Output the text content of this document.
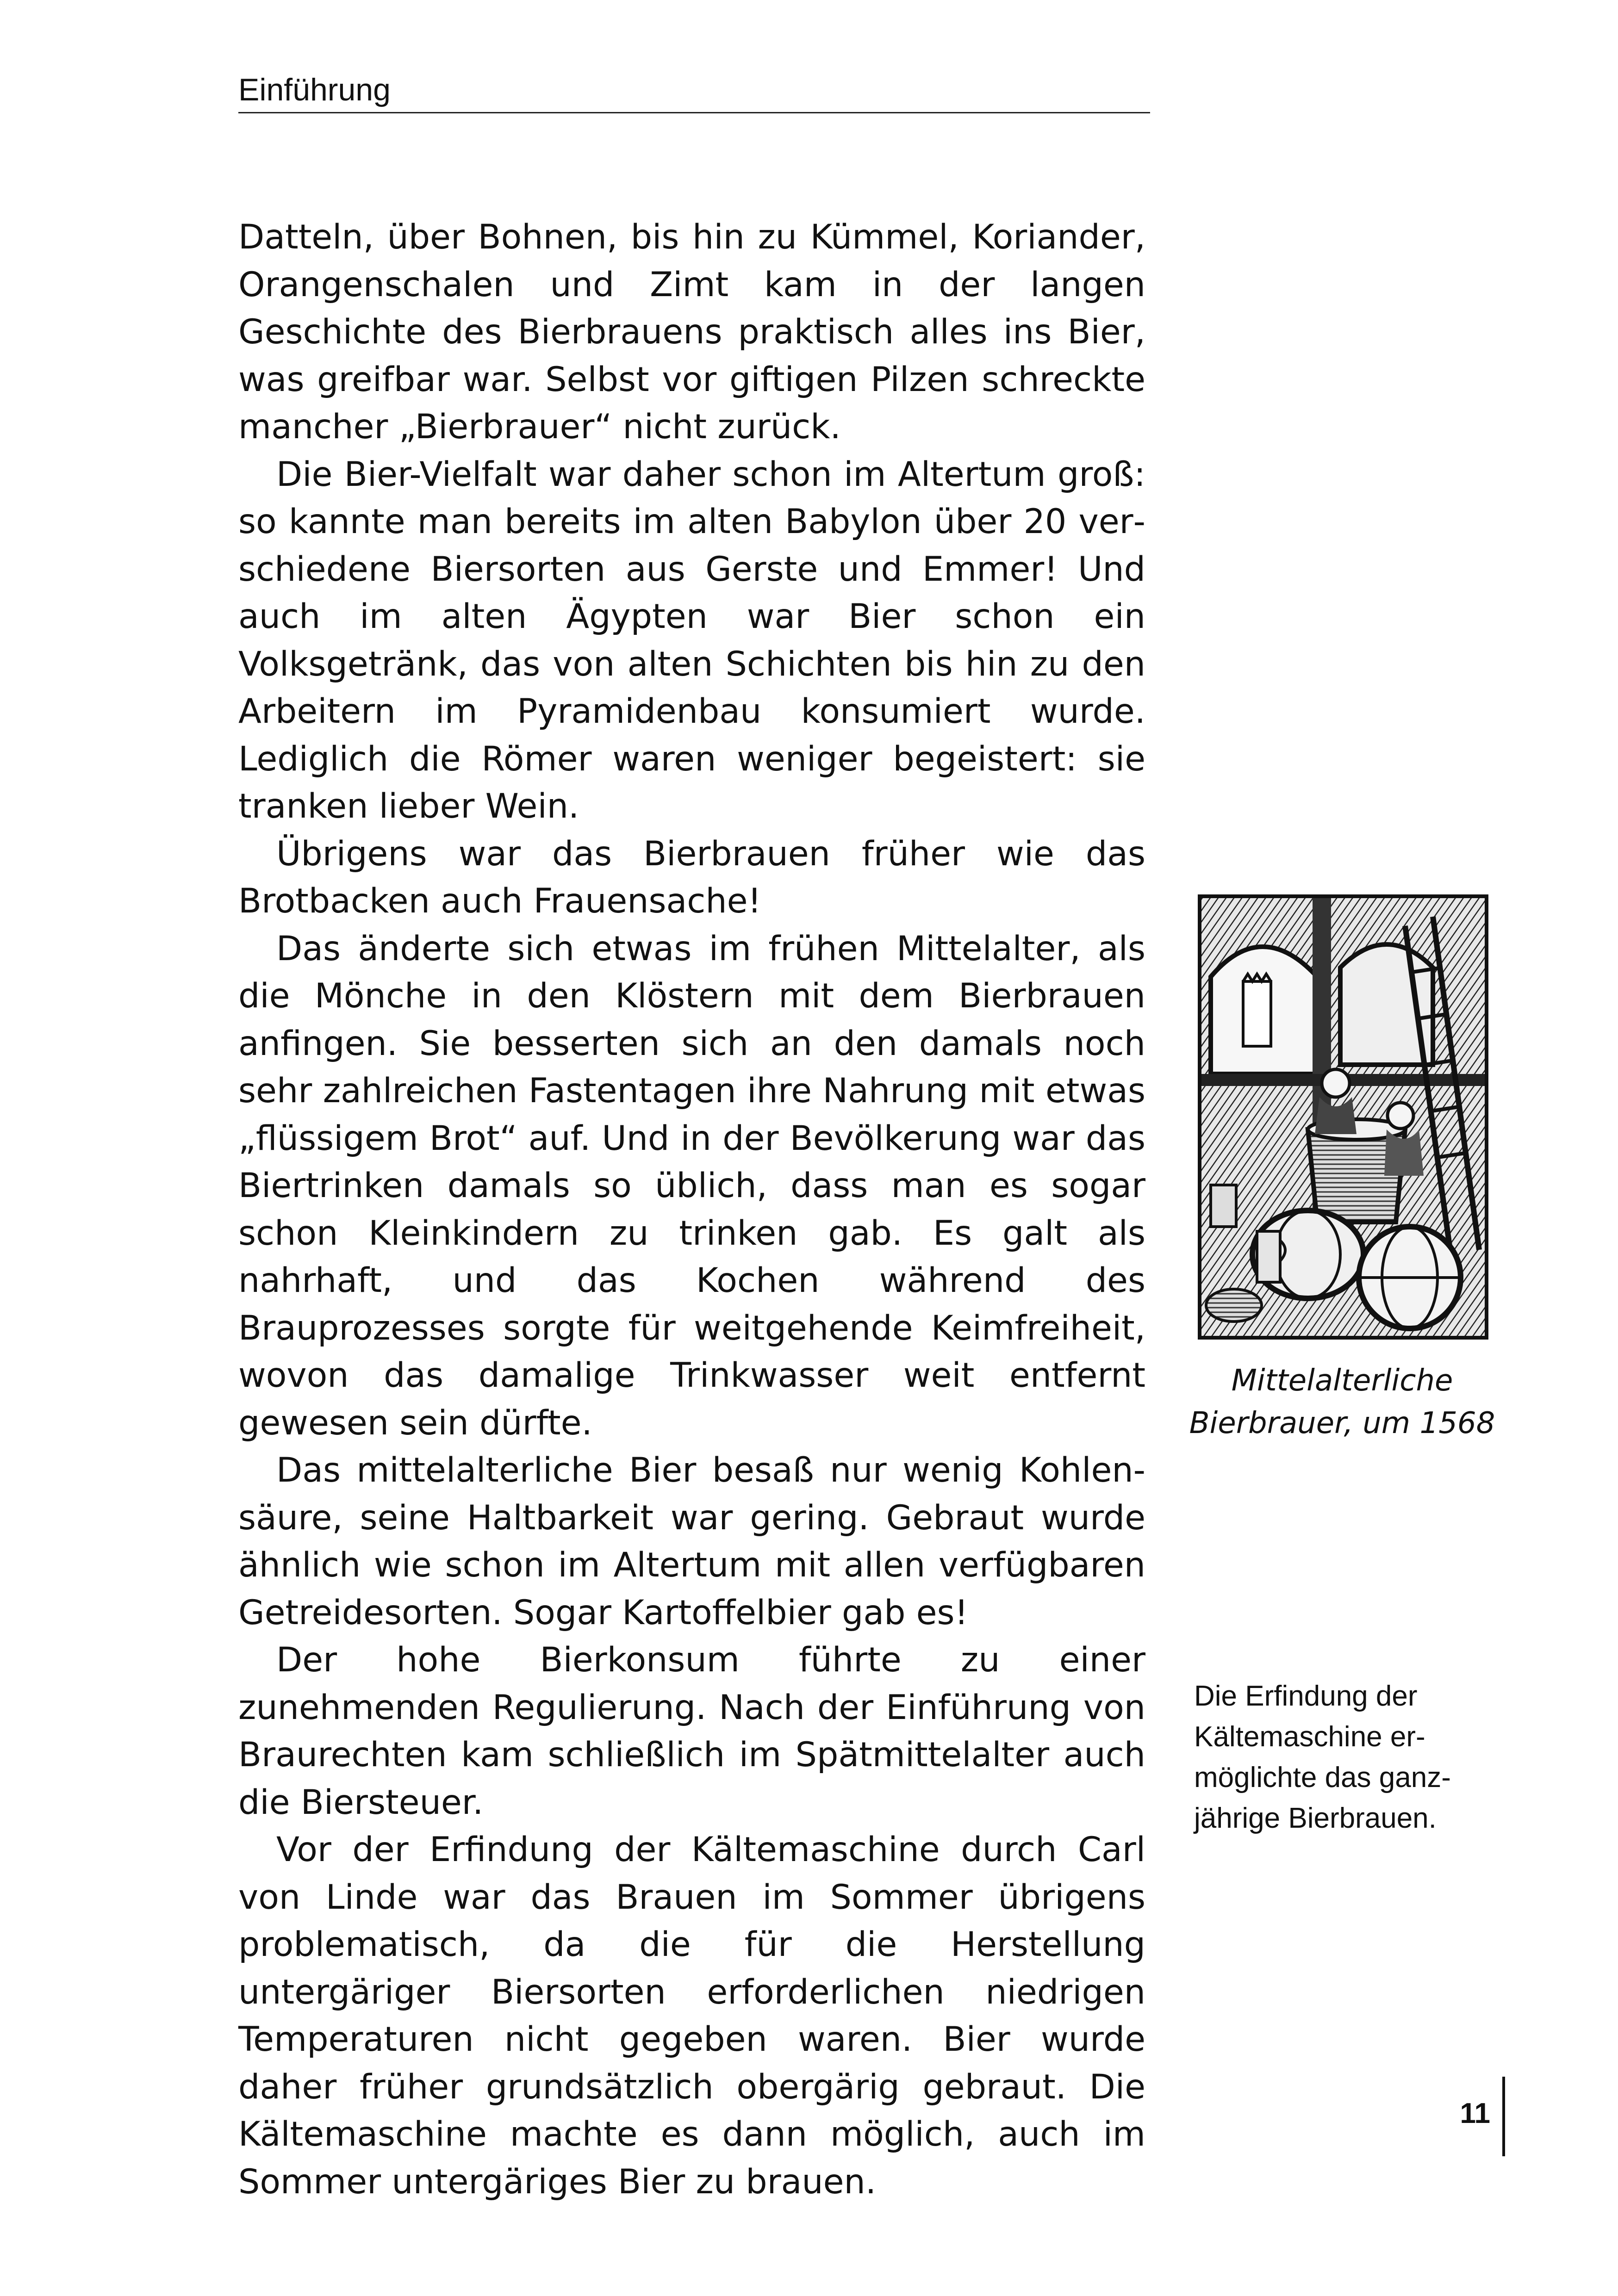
Einführung

Datteln, über Bohnen, bis hin zu Kümmel, Koriander, Orangenschalen und Zimt kam in der langen Geschichte des Bierbrauens praktisch alles ins Bier, was greifbar war. Selbst vor giftigen Pilzen schreckte mancher „Bierbrauer“ nicht zurück.

Die Bier-Vielfalt war daher schon im Altertum groß: so kannte man bereits im alten Babylon über 20 verschiedene Biersorten aus Gerste und Emmer! Und auch im alten Ägypten war Bier schon ein Volksgetränk, das von alten Schichten bis hin zu den Arbeitern im Pyramidenbau konsumiert wurde. Lediglich die Römer waren weniger begeistert: sie tranken lieber Wein.

Übrigens war das Bierbrauen früher wie das Brotbacken auch Frauensache!

Das änderte sich etwas im frühen Mittelalter, als die Mönche in den Klöstern mit dem Bierbrauen anfingen. Sie besserten sich an den damals noch sehr zahlreichen Fastentagen ihre Nahrung mit etwas „flüssigem Brot“ auf. Und in der Bevölkerung war das Biertrinken damals so üblich, dass man es sogar schon Kleinkindern zu trinken gab. Es galt als nahrhaft, und das Kochen während des Brauprozesses sorgte für weitgehende Keimfreiheit, wovon das damalige Trinkwasser weit entfernt gewesen sein dürfte.

Das mittelalterliche Bier besaß nur wenig Kohlensäure, seine Haltbarkeit war gering. Gebraut wurde ähnlich wie schon im Altertum mit allen verfügbaren Getreidesorten. Sogar Kartoffelbier gab es!

Der hohe Bierkonsum führte zu einer zunehmenden Regulierung. Nach der Einführung von Braurechten kam schließlich im Spätmittelalter auch die Biersteuer.

Vor der Erfindung der Kältemaschine durch Carl von Linde war das Brauen im Sommer übrigens problematisch, da die für die Herstellung untergäriger Biersorten erforderlichen niedrigen Temperaturen nicht gegeben waren. Bier wurde daher früher grundsätzlich obergärig gebraut. Die Kältemaschine machte es dann möglich, auch im Sommer untergäriges Bier zu brauen.

Mittelalterliche
Bierbrauer, um 1568

Die Erfindung der Kältemaschine ermöglichte das ganzjährige Bierbrauen.

11
